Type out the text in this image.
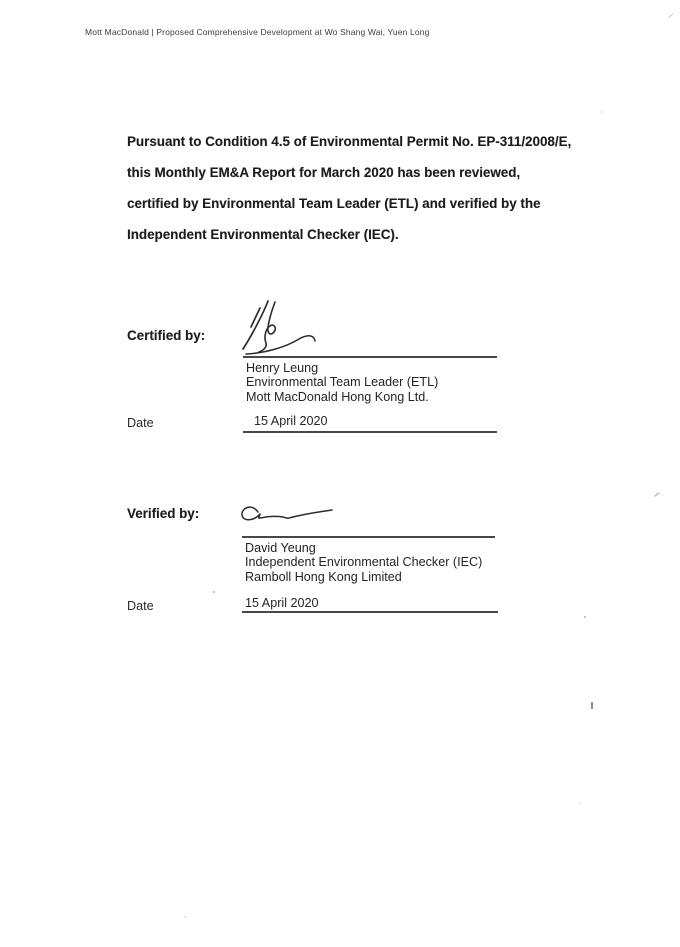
Mott MacDonald | Proposed Comprehensive Development at Wo Shang Wai, Yuen Long
Pursuant to Condition 4.5 of Environmental Permit No. EP-311/2008/E,
this Monthly EM&A Report for March 2020 has been reviewed,
certified by Environmental Team Leader (ETL) and verified by the
Independent Environmental Checker (IEC).
Certified by:
Henry Leung
Environmental Team Leader (ETL)
Mott MacDonald Hong Kong Ltd.
Date	15 April 2020
Verified by:
David Yeung
Independent Environmental Checker (IEC)
Ramboll Hong Kong Limited
Date	15 April 2020
